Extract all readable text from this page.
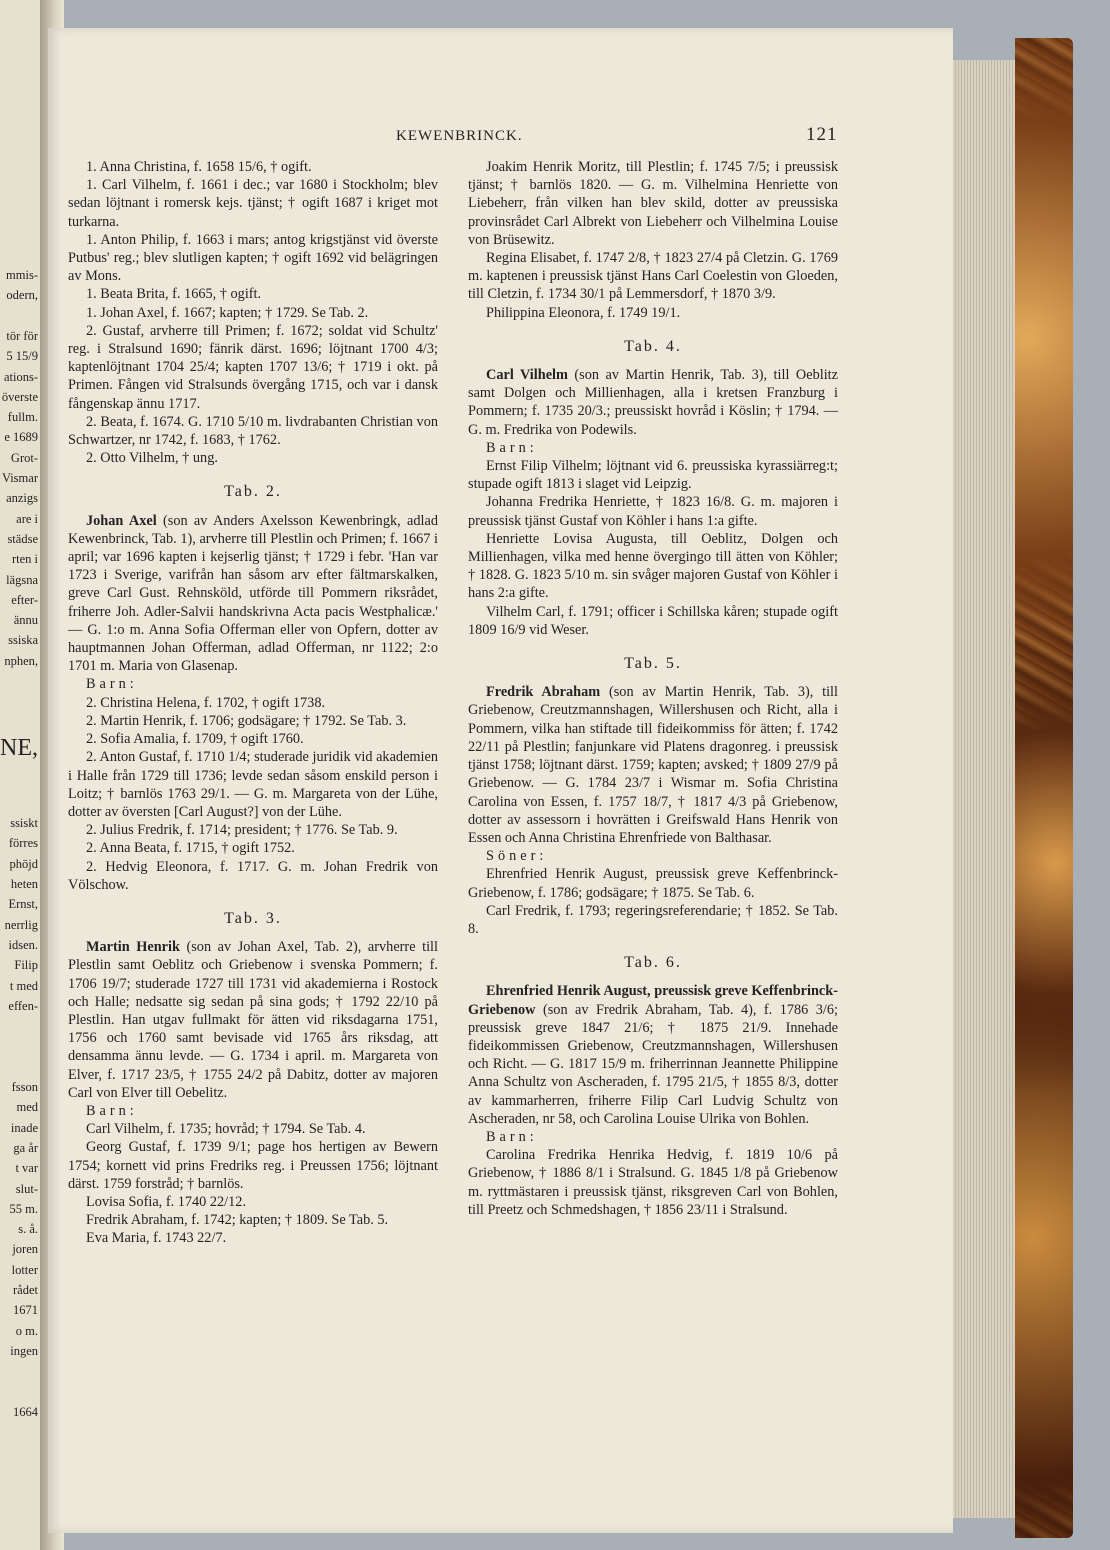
mmis-
odern,
tör för
5 15/9
ations-
överste
fullm.
e 1689
Grot-
Vismar
anzigs
are i
städse
rten i
lägsna
efter-
ännu
ssiska
nphen,
NE,
ssiskt
förres
phöjd
heten
Ernst,
nerrlig
idsen.
Filip
t med
effen-
fsson
med
inade
ga år
t var
slut-
55 m.
s. å.
joren
lotter
rådet
1671
o m.
ingen
1664
KEWENBRINCK.	121

1. Anna Christina, f. 1658 15/6, † ogift.

1. Carl Vilhelm, f. 1661 i dec.; var 1680 i Stockholm; blev sedan löjtnant i romersk kejs. tjänst; † ogift 1687 i kriget mot turkarna.

1. Anton Philip, f. 1663 i mars; antog krigstjänst vid överste Putbus' reg.; blev slutligen kapten; † ogift 1692 vid belägringen av Mons.

1. Beata Brita, f. 1665, † ogift.

1. Johan Axel, f. 1667; kapten; † 1729. Se Tab. 2.

2. Gustaf, arvherre till Primen; f. 1672; soldat vid Schultz' reg. i Stralsund 1690; fänrik därst. 1696; löjtnant 1700 4/3; kaptenlöjtnant 1704 25/4; kapten 1707 13/6; † 1719 i okt. på Primen. Fången vid Stralsunds övergång 1715, och var i dansk fångenskap ännu 1717.

2. Beata, f. 1674. G. 1710 5/10 m. livdrabanten Christian von Schwartzer, nr 1742, f. 1683, † 1762.

2. Otto Vilhelm, † ung.

Tab. 2.

Johan Axel (son av Anders Axelsson Kewenbringk, adlad Kewenbrinck, Tab. 1), arvherre till Plestlin och Primen; f. 1667 i april; var 1696 kapten i kejserlig tjänst; † 1729 i febr. 'Han var 1723 i Sverige, varifrån han såsom arv efter fältmarskalken, greve Carl Gust. Rehnsköld, utförde till Pommern riksrådet, friherre Joh. Adler-Salvii handskrivna Acta pacis Westphalicæ.' — G. 1:o m. Anna Sofia Offerman eller von Opfern, dotter av hauptmannen Johan Offerman, adlad Offerman, nr 1122; 2:o 1701 m. Maria von Glasenap.

Barn:

2. Christina Helena, f. 1702, † ogift 1738.

2. Martin Henrik, f. 1706; godsägare; † 1792. Se Tab. 3.

2. Sofia Amalia, f. 1709, † ogift 1760.

2. Anton Gustaf, f. 1710 1/4; studerade juridik vid akademien i Halle från 1729 till 1736; levde sedan såsom enskild person i Loitz; † barnlös 1763 29/1. — G. m. Margareta von der Lühe, dotter av översten [Carl August?] von der Lühe.

2. Julius Fredrik, f. 1714; president; † 1776. Se Tab. 9.

2. Anna Beata, f. 1715, † ogift 1752.

2. Hedvig Eleonora, f. 1717. G. m. Johan Fredrik von Völschow.

Tab. 3.

Martin Henrik (son av Johan Axel, Tab. 2), arvherre till Plestlin samt Oeblitz och Griebenow i svenska Pommern; f. 1706 19/7; studerade 1727 till 1731 vid akademierna i Rostock och Halle; nedsatte sig sedan på sina gods; † 1792 22/10 på Plestlin. Han utgav fullmakt för ätten vid riksdagarna 1751, 1756 och 1760 samt bevisade vid 1765 års riksdag, att densamma ännu levde. — G. 1734 i april. m. Margareta von Elver, f. 1717 23/5, † 1755 24/2 på Dabitz, dotter av majoren Carl von Elver till Oebelitz.

Barn:

Carl Vilhelm, f. 1735; hovråd; † 1794. Se Tab. 4.

Georg Gustaf, f. 1739 9/1; page hos hertigen av Bewern 1754; kornett vid prins Fredriks reg. i Preussen 1756; löjtnant därst. 1759 forstråd; † barnlös.

Lovisa Sofia, f. 1740 22/12.

Fredrik Abraham, f. 1742; kapten; † 1809. Se Tab. 5.

Eva Maria, f. 1743 22/7.

Joakim Henrik Moritz, till Plestlin; f. 1745 7/5; i preussisk tjänst; † barnlös 1820. — G. m. Vilhelmina Henriette von Liebeherr, från vilken han blev skild, dotter av preussiska provinsrådet Carl Albrekt von Liebeherr och Vilhelmina Louise von Brüsewitz.

Regina Elisabet, f. 1747 2/8, † 1823 27/4 på Cletzin. G. 1769 m. kaptenen i preussisk tjänst Hans Carl Coelestin von Gloeden, till Cletzin, f. 1734 30/1 på Lemmersdorf, † 1870 3/9.

Philippina Eleonora, f. 1749 19/1.

Tab. 4.

Carl Vilhelm (son av Martin Henrik, Tab. 3), till Oeblitz samt Dolgen och Millienhagen, alla i kretsen Franzburg i Pommern; f. 1735 20/3.; preussiskt hovråd i Köslin; † 1794. — G. m. Fredrika von Podewils.

Barn:

Ernst Filip Vilhelm; löjtnant vid 6. preussiska kyrassiärreg:t; stupade ogift 1813 i slaget vid Leipzig.

Johanna Fredrika Henriette, † 1823 16/8. G. m. majoren i preussisk tjänst Gustaf von Köhler i hans 1:a gifte.

Henriette Lovisa Augusta, till Oeblitz, Dolgen och Millienhagen, vilka med henne övergingo till ätten von Köhler; † 1828. G. 1823 5/10 m. sin svåger majoren Gustaf von Köhler i hans 2:a gifte.

Vilhelm Carl, f. 1791; officer i Schillska kåren; stupade ogift 1809 16/9 vid Weser.

Tab. 5.

Fredrik Abraham (son av Martin Henrik, Tab. 3), till Griebenow, Creutzmannshagen, Willershusen och Richt, alla i Pommern, vilka han stiftade till fideikommiss för ätten; f. 1742 22/11 på Plestlin; fanjunkare vid Platens dragonreg. i preussisk tjänst 1758; löjtnant därst. 1759; kapten; avsked; † 1809 27/9 på Griebenow. — G. 1784 23/7 i Wismar m. Sofia Christina Carolina von Essen, f. 1757 18/7, † 1817 4/3 på Griebenow, dotter av assessorn i hovrätten i Greifswald Hans Henrik von Essen och Anna Christina Ehrenfriede von Balthasar.

Söner:

Ehrenfried Henrik August, preussisk greve Keffenbrinck-Griebenow, f. 1786; godsägare; † 1875. Se Tab. 6.

Carl Fredrik, f. 1793; regeringsreferendarie; † 1852. Se Tab. 8.

Tab. 6.

Ehrenfried Henrik August, preussisk greve Keffenbrinck-Griebenow (son av Fredrik Abraham, Tab. 4), f. 1786 3/6; preussisk greve 1847 21/6; † 1875 21/9. Innehade fideikommissen Griebenow, Creutzmannshagen, Willershusen och Richt. — G. 1817 15/9 m. friherrinnan Jeannette Philippine Anna Schultz von Ascheraden, f. 1795 21/5, † 1855 8/3, dotter av kammarherren, friherre Filip Carl Ludvig Schultz von Ascheraden, nr 58, och Carolina Louise Ulrika von Bohlen.

Barn:

Carolina Fredrika Henrika Hedvig, f. 1819 10/6 på Griebenow, † 1886 8/1 i Stralsund. G. 1845 1/8 på Griebenow m. ryttmästaren i preussisk tjänst, riksgreven Carl von Bohlen, till Preetz och Schmedshagen, † 1856 23/11 i Stralsund.
